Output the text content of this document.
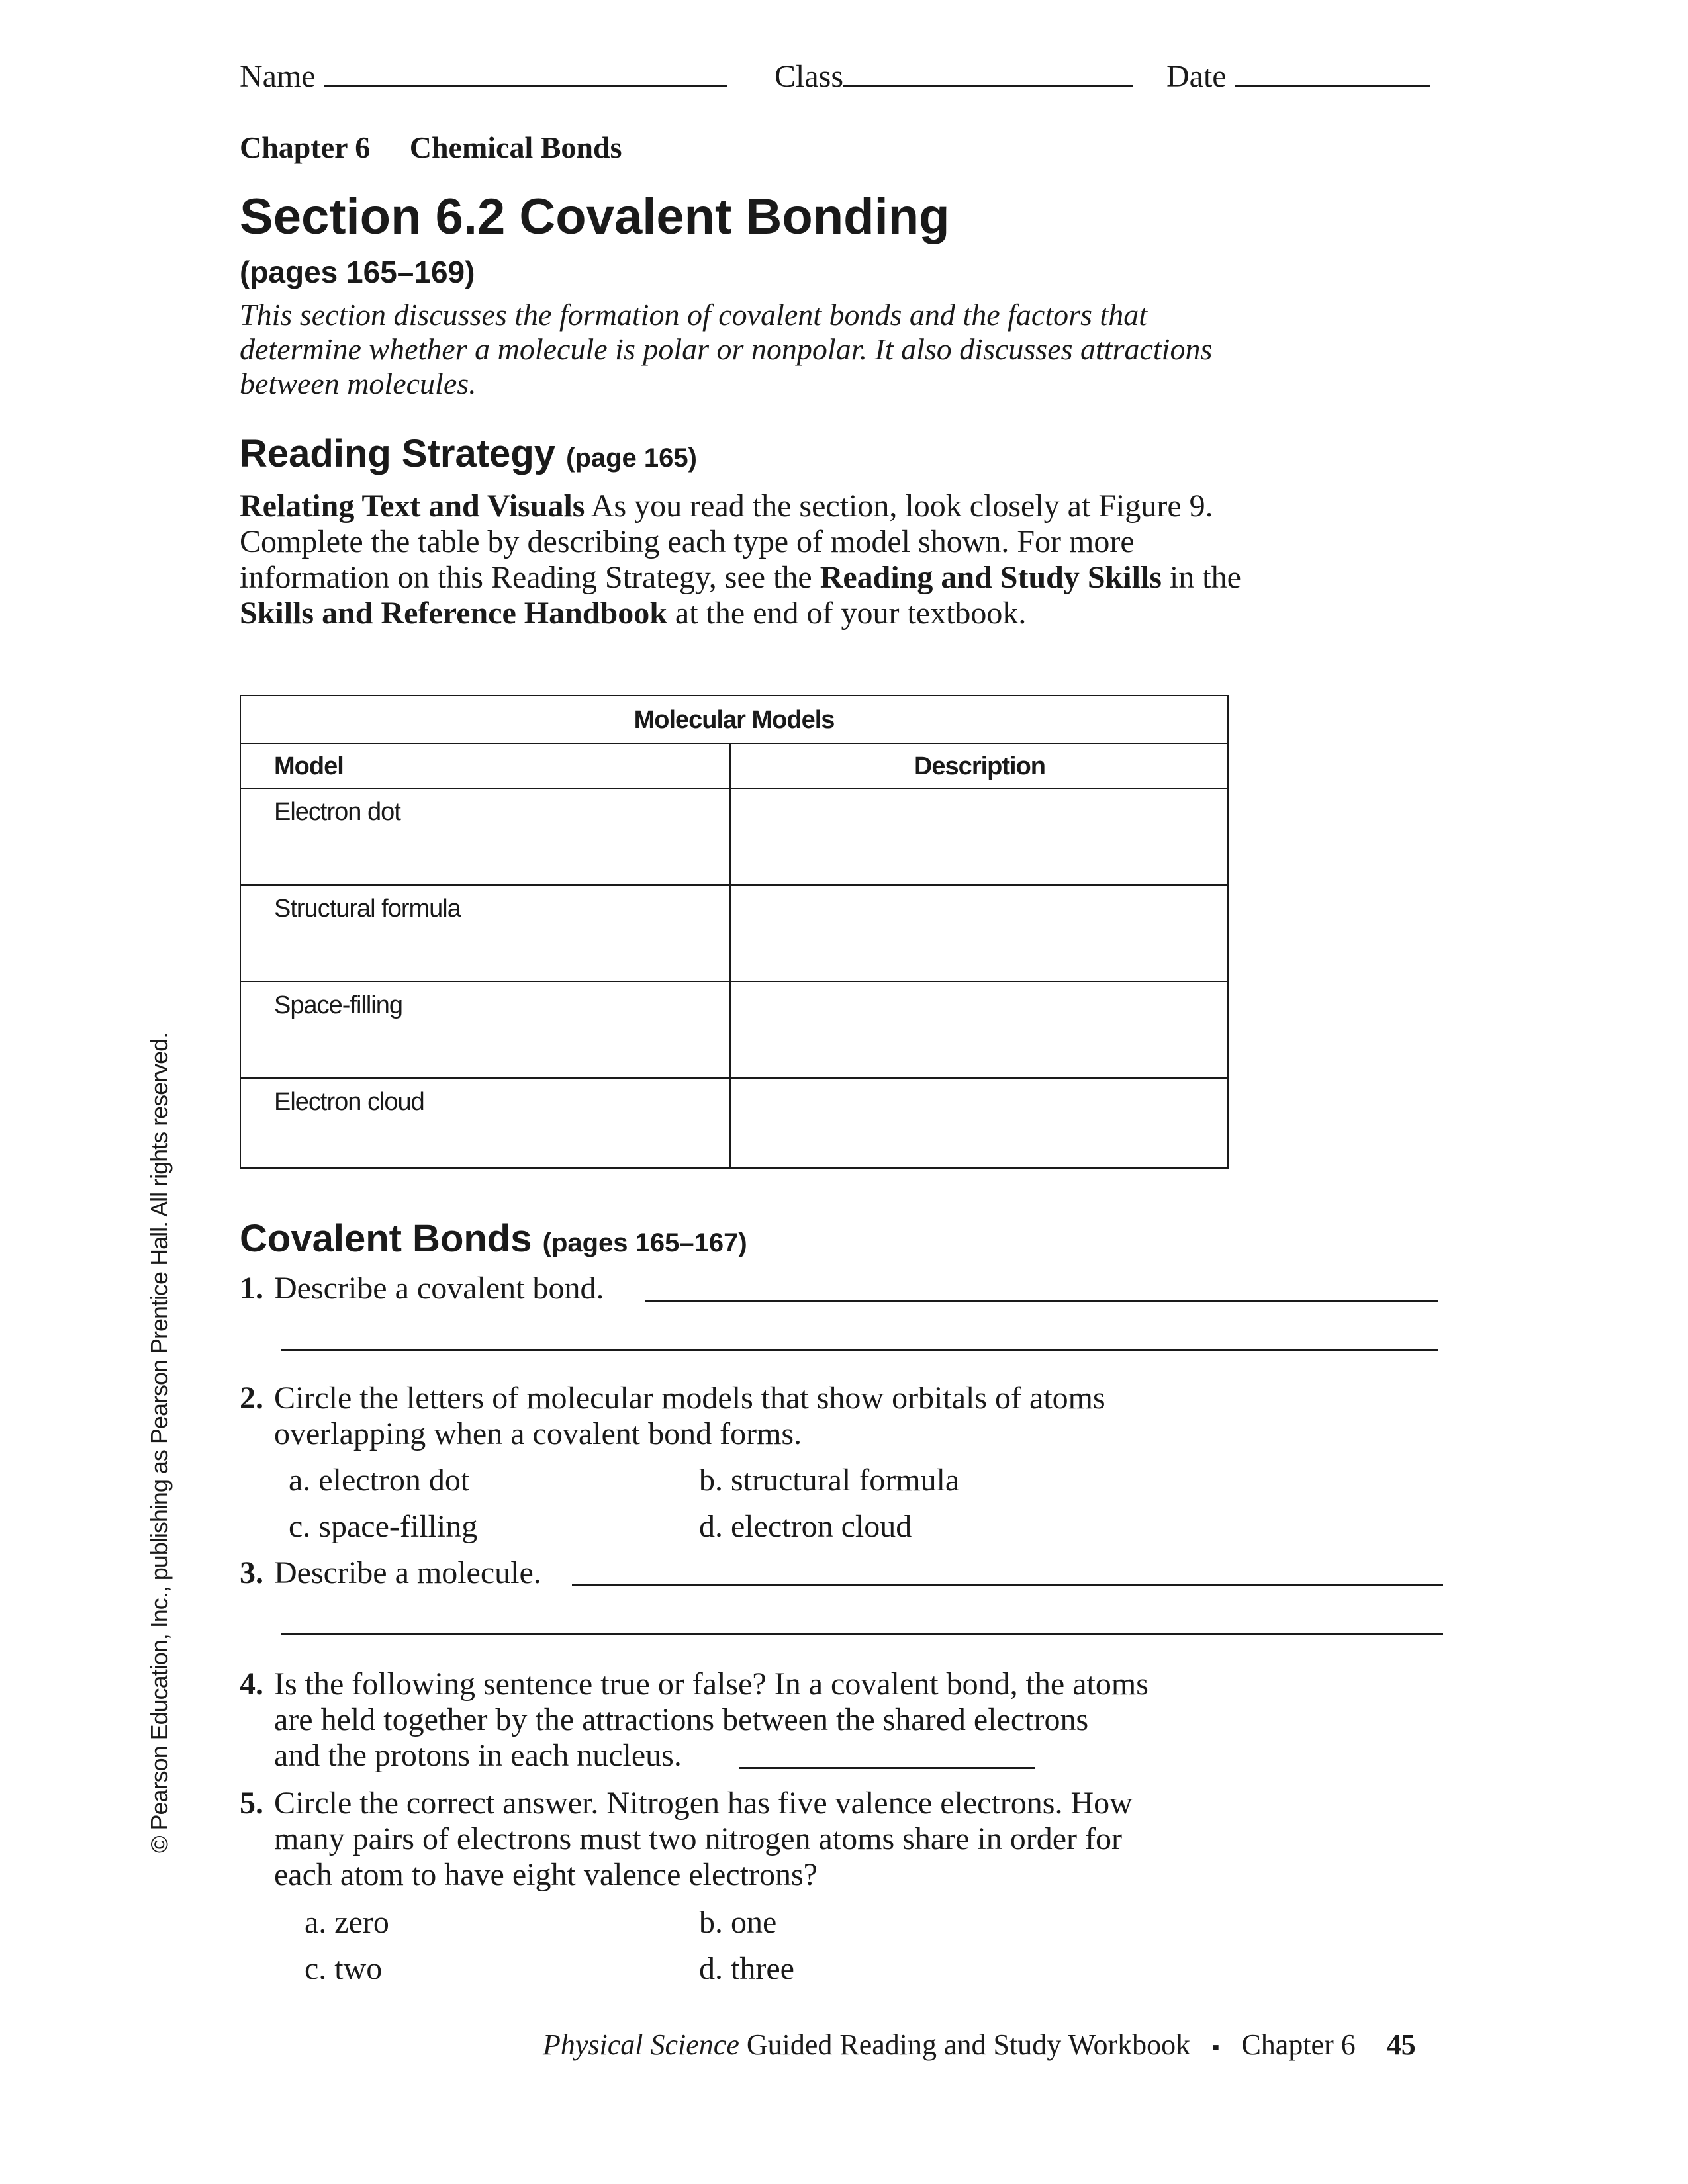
Name	Class	Date
Chapter 6 Chemical Bonds
Section 6.2 Covalent Bonding
(pages 165–169)
This section discusses the formation of covalent bonds and the factors that determine whether a molecule is polar or nonpolar. It also discusses attractions between molecules.
Reading Strategy (page 165)
Relating Text and Visuals As you read the section, look closely at Figure 9. Complete the table by describing each type of model shown. For more information on this Reading Strategy, see the Reading and Study Skills in the Skills and Reference Handbook at the end of your textbook.
Molecular Models
Model	Description
Electron dot
Structural formula
Space-filling
Electron cloud
Covalent Bonds (pages 165–167)
1. Describe a covalent bond.
2. Circle the letters of molecular models that show orbitals of atoms
overlapping when a covalent bond forms.
a. electron dot	b. structural formula
c. space-filling	d. electron cloud
3. Describe a molecule.
4. Is the following sentence true or false? In a covalent bond, the atoms
are held together by the attractions between the shared electrons
and the protons in each nucleus.
5. Circle the correct answer. Nitrogen has five valence electrons. How
many pairs of electrons must two nitrogen atoms share in order for
each atom to have eight valence electrons?
a. zero	b. one
c. two	d. three
Physical Science Guided Reading and Study Workbook ▪ Chapter 6 45
© Pearson Education, Inc., publishing as Pearson Prentice Hall. All rights reserved.
